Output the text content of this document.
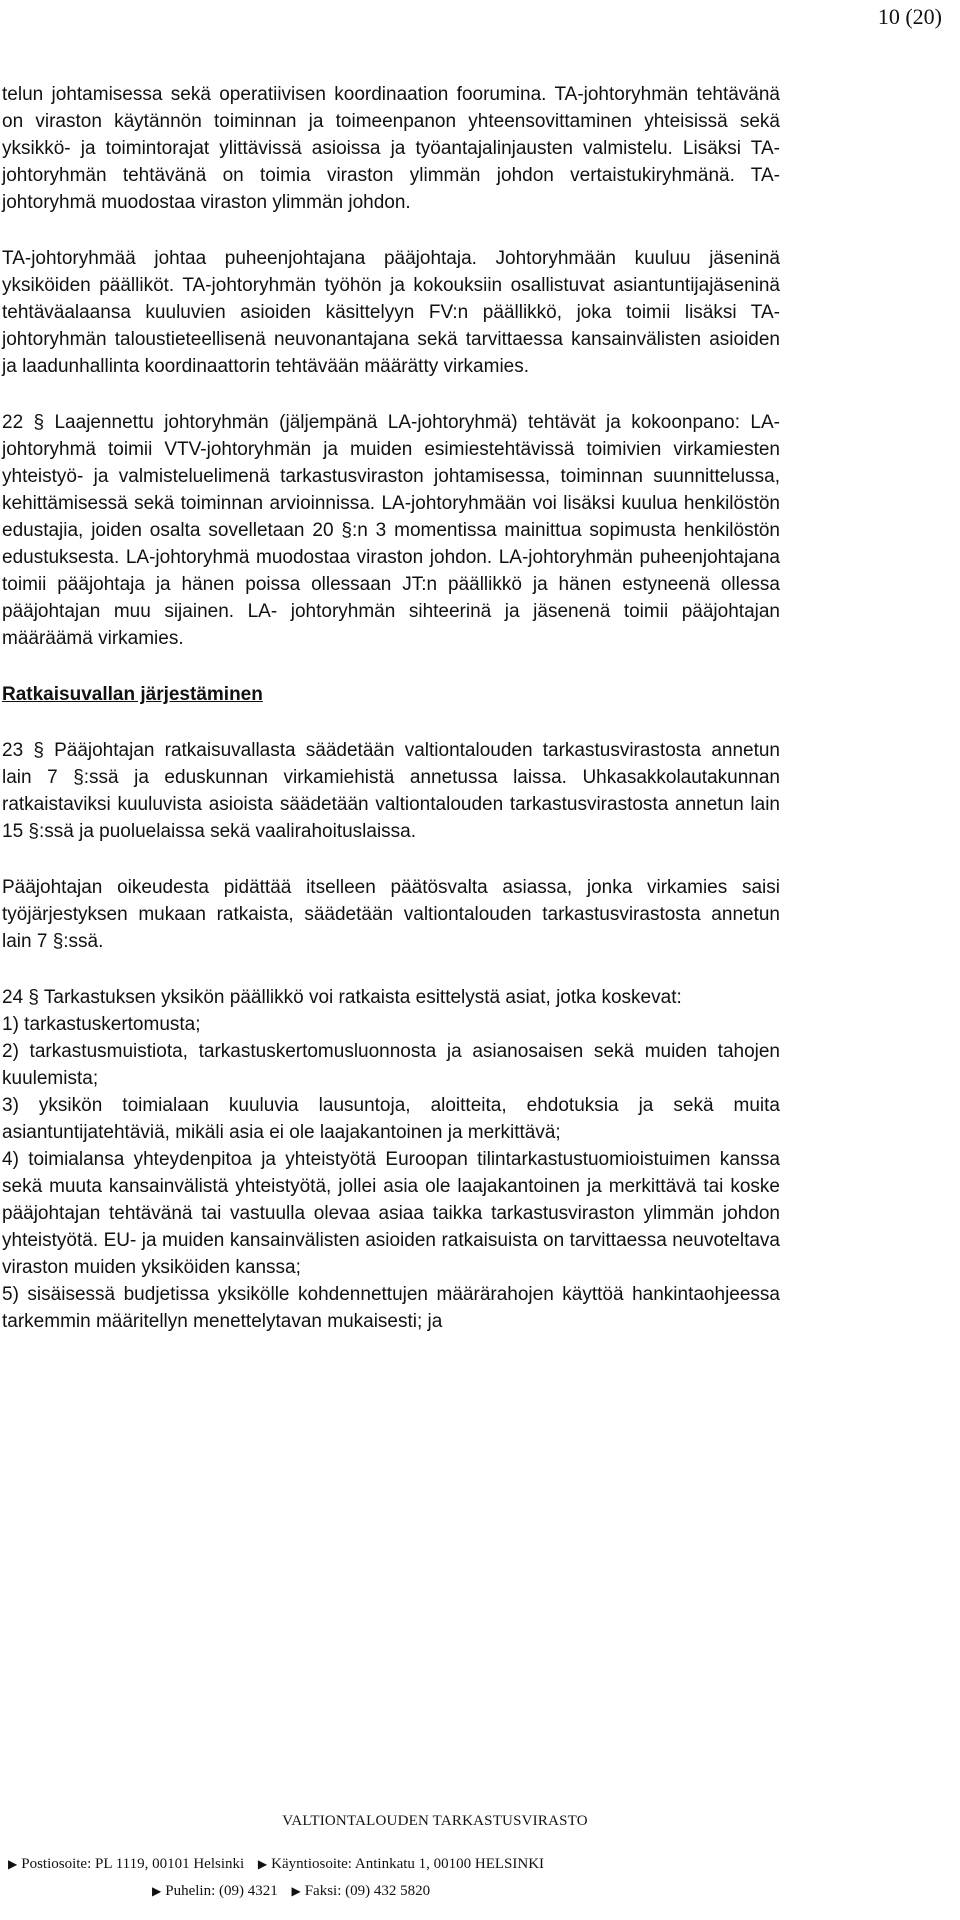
10 (20)

telun johtamisessa sekä operatiivisen koordinaation foorumina. TA-johtoryhmän tehtävänä on viraston käytännön toiminnan ja toimeenpanon yhteensovittaminen yhteisissä sekä yksikkö- ja toimintorajat ylittävissä asioissa ja työantajalinjausten valmistelu. Lisäksi TA-johtoryhmän tehtävänä on toimia viraston ylimmän johdon vertaistukiryhmänä. TA-johtoryhmä muodostaa viraston ylimmän johdon.

TA-johtoryhmää johtaa puheenjohtajana pääjohtaja. Johtoryhmään kuuluu jäseninä yksiköiden päälliköt. TA-johtoryhmän työhön ja kokouksiin osallistuvat asiantuntijajäseninä tehtäväalaansa kuuluvien asioiden käsittelyyn FV:n päällikkö, joka toimii lisäksi TA-johtoryhmän taloustieteellisenä neuvonantajana sekä tarvittaessa kansainvälisten asioiden ja laadunhallinta koordinaattorin tehtävään määrätty virkamies.

22 § Laajennettu johtoryhmän (jäljempänä LA-johtoryhmä) tehtävät ja kokoonpano: LA-johtoryhmä toimii VTV-johtoryhmän ja muiden esimiestehtävissä toimivien virkamiesten yhteistyö- ja valmisteluelimenä tarkastusviraston johtamisessa, toiminnan suunnittelussa, kehittämisessä sekä toiminnan arvioinnissa. LA-johtoryhmään voi lisäksi kuulua henkilöstön edustajia, joiden osalta sovelletaan 20 §:n 3 momentissa mainittua sopimusta henkilöstön edustuksesta. LA-johtoryhmä muodostaa viraston johdon. LA-johtoryhmän puheenjohtajana toimii pääjohtaja ja hänen poissa ollessaan JT:n päällikkö ja hänen estyneenä ollessa pääjohtajan muu sijainen. LA- johtoryhmän sihteerinä ja jäsenenä toimii pääjohtajan määräämä virkamies.

Ratkaisuvallan järjestäminen

23 § Pääjohtajan ratkaisuvallasta säädetään valtiontalouden tarkastusvirastosta annetun lain 7 §:ssä ja eduskunnan virkamiehistä annetussa laissa. Uhkasakkolautakunnan ratkaistaviksi kuuluvista asioista säädetään valtiontalouden tarkastusvirastosta annetun lain 15 §:ssä ja puoluelaissa sekä vaalirahoituslaissa.

Pääjohtajan oikeudesta pidättää itselleen päätösvalta asiassa, jonka virkamies saisi työjärjestyksen mukaan ratkaista, säädetään valtiontalouden tarkastusvirastosta annetun lain 7 §:ssä.

24 § Tarkastuksen yksikön päällikkö voi ratkaista esittelystä asiat, jotka koskevat:

1) tarkastuskertomusta;

2) tarkastusmuistiota, tarkastuskertomusluonnosta ja asianosaisen sekä muiden tahojen kuulemista;

3) yksikön toimialaan kuuluvia lausuntoja, aloitteita, ehdotuksia ja sekä muita asiantuntijatehtäviä, mikäli asia ei ole laajakantoinen ja merkittävä;

4) toimialansa yhteydenpitoa ja yhteistyötä Euroopan tilintarkastustuomioistuimen kanssa sekä muuta kansainvälistä yhteistyötä, jollei asia ole laajakantoinen ja merkittävä tai koske pääjohtajan tehtävänä tai vastuulla olevaa asiaa taikka tarkastusviraston ylimmän johdon yhteistyötä. EU- ja muiden kansainvälisten asioiden ratkaisuista on tarvittaessa neuvoteltava viraston muiden yksiköiden kanssa;

5) sisäisessä budjetissa yksikölle kohdennettujen määrärahojen käyttöä hankintaohjeessa tarkemmin määritellyn menettelytavan mukaisesti; ja

VALTIONTALOUDEN TARKASTUSVIRASTO
▶ Postiosoite: PL 1119, 00101 Helsinki ▶ Käyntiosoite: Antinkatu 1, 00100 HELSINKI
▶ Puhelin: (09) 4321 ▶ Faksi: (09) 432 5820
